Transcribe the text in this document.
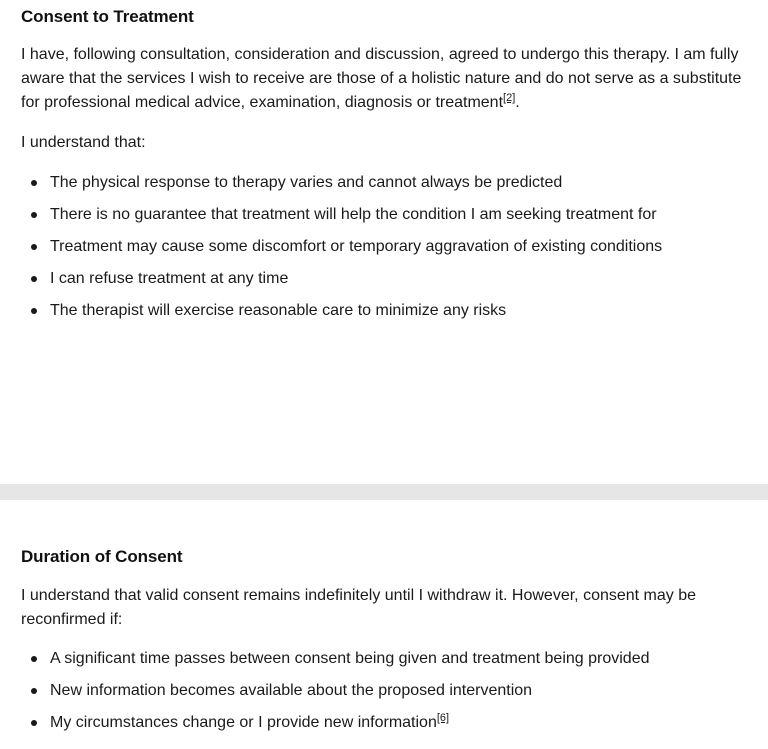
Consent to Treatment

I have, following consultation, consideration and discussion, agreed to undergo this therapy. I am fully aware that the services I wish to receive are those of a holistic nature and do not serve as a substitute for professional medical advice, examination, diagnosis or treatment[2].

I understand that:

The physical response to therapy varies and cannot always be predicted
There is no guarantee that treatment will help the condition I am seeking treatment for
Treatment may cause some discomfort or temporary aggravation of existing conditions
I can refuse treatment at any time
The therapist will exercise reasonable care to minimize any risks
Duration of Consent

I understand that valid consent remains indefinitely until I withdraw it. However, consent may be reconfirmed if:

A significant time passes between consent being given and treatment being provided
New information becomes available about the proposed intervention
My circumstances change or I provide new information[6]
